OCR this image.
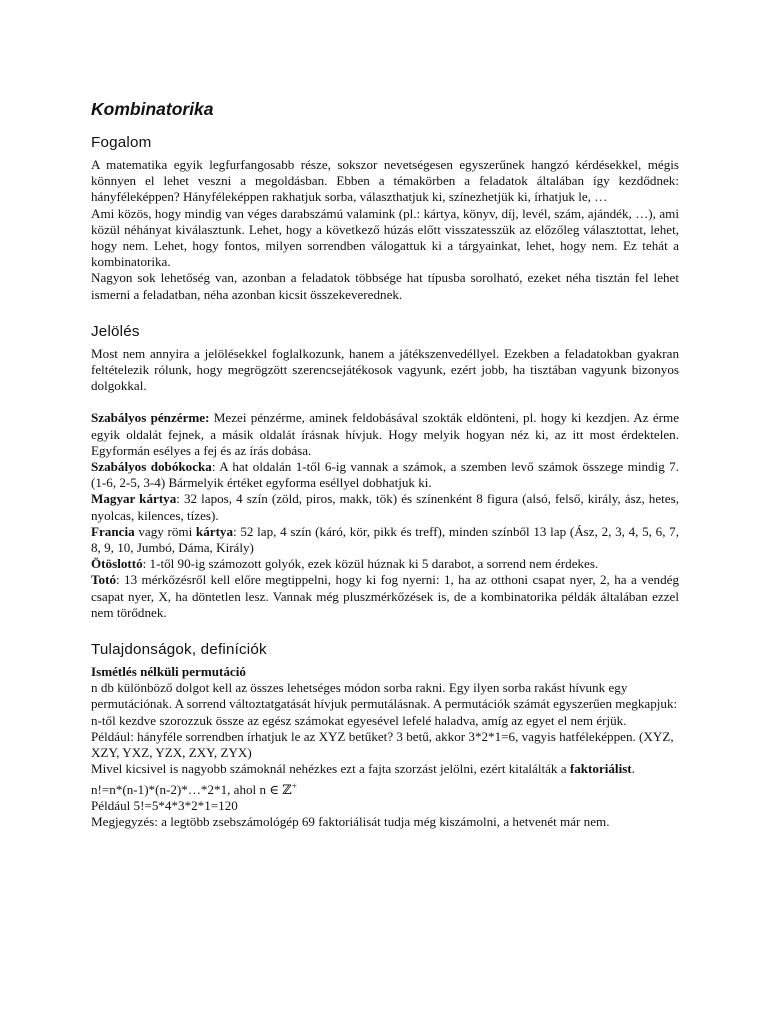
Kombinatorika
Fogalom

A matematika egyik legfurfangosabb része, sokszor nevetségesen egyszerűnek hangzó kérdésekkel, mégis könnyen el lehet veszni a megoldásban. Ebben a témakörben a feladatok általában így kezdődnek: hányféleképpen? Hányféleképpen rakhatjuk sorba, választhatjuk ki, színezhetjük ki, írhatjuk le, …

Ami közös, hogy mindig van véges darabszámú valamink (pl.: kártya, könyv, díj, levél, szám, ajándék, …), ami közül néhányat kiválasztunk. Lehet, hogy a következő húzás előtt visszatesszük az előzőleg választottat, lehet, hogy nem. Lehet, hogy fontos, milyen sorrendben válogattuk ki a tárgyainkat, lehet, hogy nem. Ez tehát a kombinatorika.

Nagyon sok lehetőség van, azonban a feladatok többsége hat típusba sorolható, ezeket néha tisztán fel lehet ismerni a feladatban, néha azonban kicsit összekeverednek.

Jelölés

Most nem annyira a jelölésekkel foglalkozunk, hanem a játékszenvedéllyel. Ezekben a feladatokban gyakran feltételezik rólunk, hogy megrögzött szerencsejátékosok vagyunk, ezért jobb, ha tisztában vagyunk bizonyos dolgokkal.

Szabályos pénzérme: Mezei pénzérme, aminek feldobásával szokták eldönteni, pl. hogy ki kezdjen. Az érme egyik oldalát fejnek, a másik oldalát írásnak hívjuk. Hogy melyik hogyan néz ki, az itt most érdektelen. Egyformán esélyes a fej és az írás dobása.

Szabályos dobókocka: A hat oldalán 1-től 6-ig vannak a számok, a szemben levő számok összege mindig 7. (1-6, 2-5, 3-4) Bármelyik értéket egyforma eséllyel dobhatjuk ki.

Magyar kártya: 32 lapos, 4 szín (zöld, piros, makk, tök) és színenként 8 figura (alsó, felső, király, ász, hetes, nyolcas, kilences, tízes).

Francia vagy römi kártya: 52 lap, 4 szín (káró, kör, pikk és treff), minden színből 13 lap (Ász, 2, 3, 4, 5, 6, 7, 8, 9, 10, Jumbó, Dáma, Király)

Ötöslottó: 1-től 90-ig számozott golyók, ezek közül húznak ki 5 darabot, a sorrend nem érdekes.

Totó: 13 mérkőzésről kell előre megtippelni, hogy ki fog nyerni: 1, ha az otthoni csapat nyer, 2, ha a vendég csapat nyer, X, ha döntetlen lesz. Vannak még pluszmérkőzések is, de a kombinatorika példák általában ezzel nem törődnek.

Tulajdonságok, definíciók

Ismétlés nélküli permutáció

n db különböző dolgot kell az összes lehetséges módon sorba rakni. Egy ilyen sorba rakást hívunk egy permutációnak. A sorrend változtatgatását hívjuk permutálásnak. A permutációk számát egyszerűen megkapjuk: n-től kezdve szorozzuk össze az egész számokat egyesével lefelé haladva, amíg az egyet el nem érjük.

Például: hányféle sorrendben írhatjuk le az XYZ betűket? 3 betű, akkor 3*2*1=6, vagyis hatféleképpen. (XYZ, XZY, YXZ, YZX, ZXY, ZYX)

Mivel kicsivel is nagyobb számoknál nehézkes ezt a fajta szorzást jelölni, ezért kitalálták a faktoriálist.

n!=n*(n-1)*(n-2)*…*2*1, ahol n ∈ ℤ+

Például 5!=5*4*3*2*1=120

Megjegyzés: a legtöbb zsebszámológép 69 faktoriálisát tudja még kiszámolni, a hetvenét már nem.
